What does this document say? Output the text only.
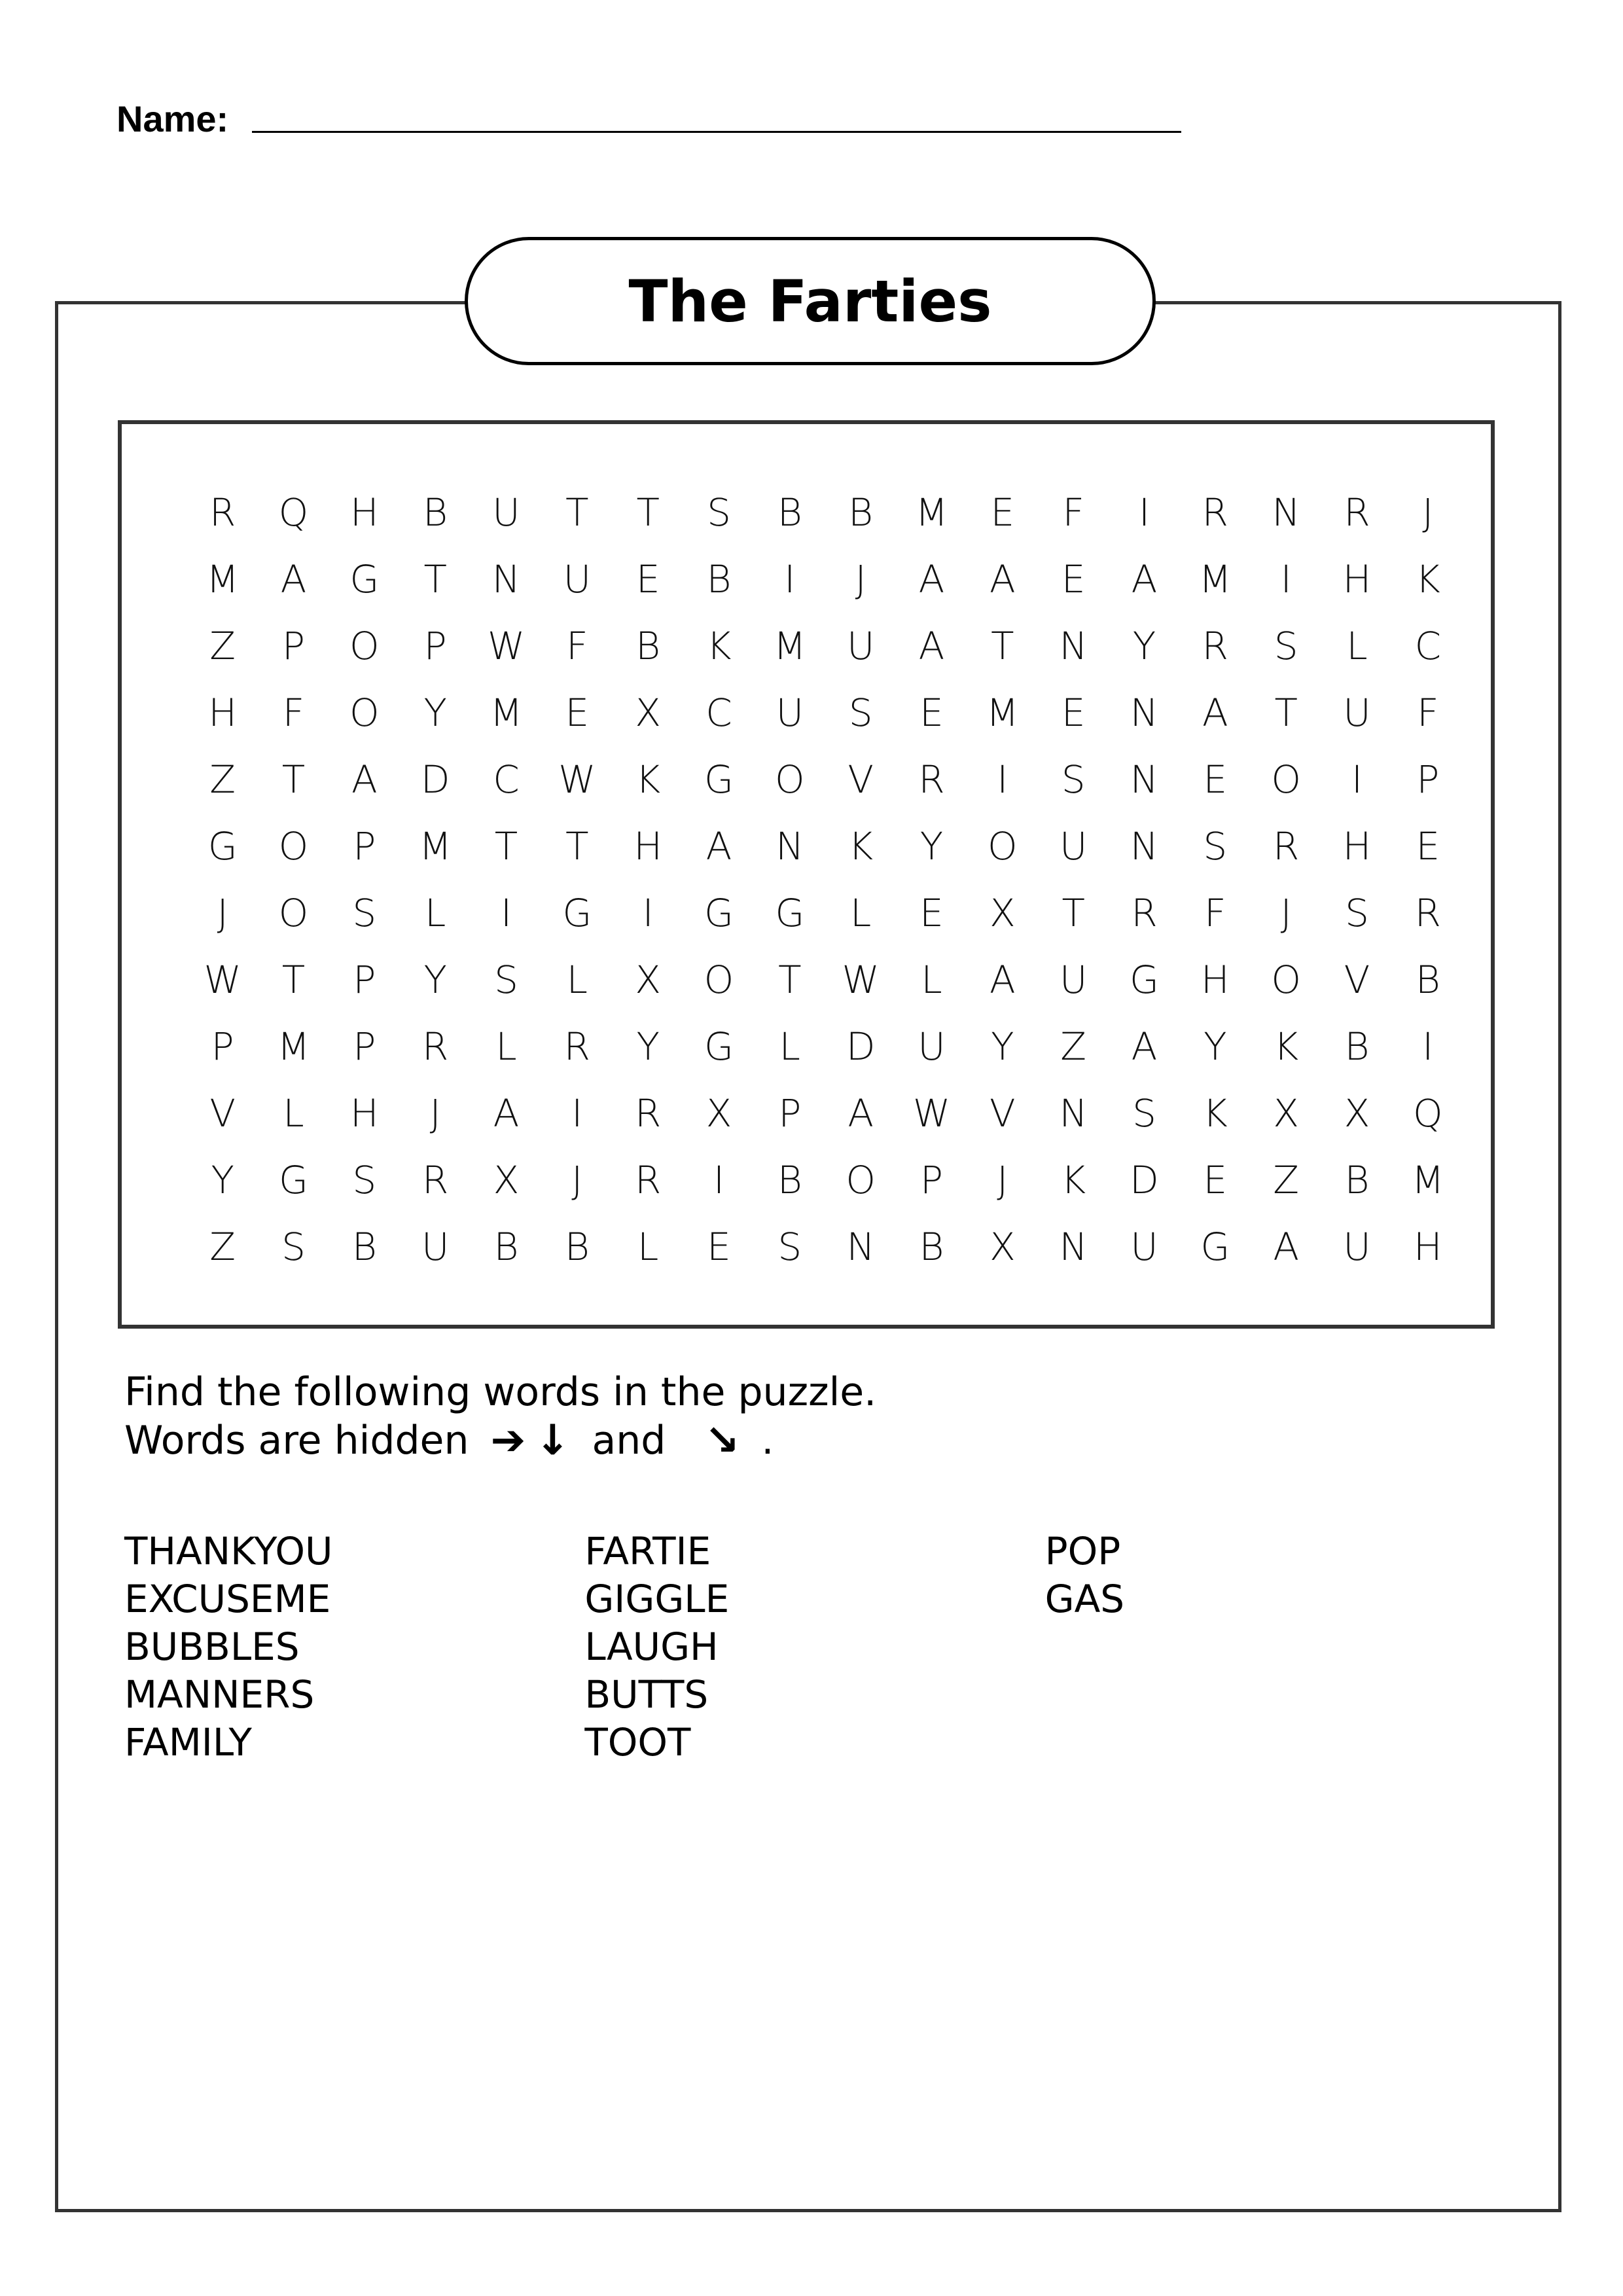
Name:
The Farties
R	Q	H	B	U	T	T	S	B	B	M	E	F	I	R	N	R	J
M	A	G	T	N	U	E	B	I	J	A	A	E	A	M	I	H	K
Z	P	O	P	W	F	B	K	M	U	A	T	N	Y	R	S	L	C
H	F	O	Y	M	E	X	C	U	S	E	M	E	N	A	T	U	F
Z	T	A	D	C	W	K	G	O	V	R	I	S	N	E	O	I	P
G	O	P	M	T	T	H	A	N	K	Y	O	U	N	S	R	H	E
J	O	S	L	I	G	I	G	G	L	E	X	T	R	F	J	S	R
W	T	P	Y	S	L	X	O	T	W	L	A	U	G	H	O	V	B
P	M	P	R	L	R	Y	G	L	D	U	Y	Z	A	Y	K	B	I
V	L	H	J	A	I	R	X	P	A	W	V	N	S	K	X	X	Q
Y	G	S	R	X	J	R	I	B	O	P	J	K	D	E	Z	B	M
Z	S	B	U	B	B	L	E	S	N	B	X	N	U	G	A	U	H
Find the following words in the puzzle.
Words are hidden ➔ ↓ and ↘ .
THANKYOU
EXCUSEME
BUBBLES
MANNERS
FAMILY
FARTIE
GIGGLE
LAUGH
BUTTS
TOOT
POP
GAS
